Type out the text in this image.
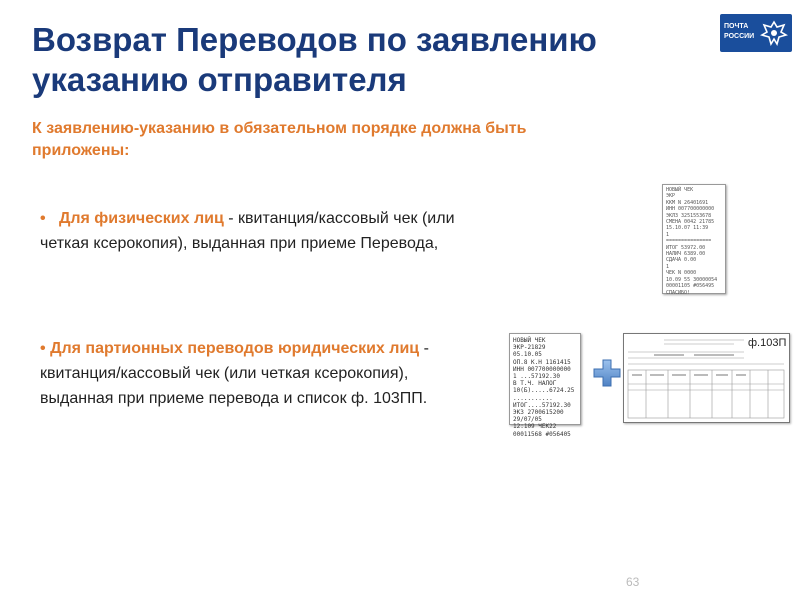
Возврат Переводов по заявлению
указанию отправителя
ПОЧТА
РОССИИ
К заявлению-указанию в обязательном порядке должна быть
приложены:
• Для физических лиц - квитанция/кассовый чек (или четкая ксерокопия), выданная при приеме Перевода,
• Для партионных переводов юридических лиц - квитанция/кассовый чек (или четкая ксерокопия), выданная при приеме перевода и список ф. 103ПП.
НОВЫЙ ЧЕК
ЭКР
ККМ N 26401691
ИНН 007700000000
ЭКЛЗ 3251553678
СМЕНА 0042 21785
15.10.07 11:39
1
===============
ИТОГ 53972.00
НАЛИЧ 6389.00
СДАЧА 0.00
1
ЧЕК N 0000
10.09 55 30000054
00001105 #056495
СПАСИБО!
НОВЫЙ ЧЕК
ЭКР-21829
05.10.05
ОП.8 К.Н 1161415
ИНН 007700000000
1 ...57192.30
В Т.Ч. НАЛОГ
10(Б).....6724.25
...........
ИТОГ....57192.30
ЭКЗ 2700615200
29/07/05
12:109 ЧЕК22
00011568 #056405
ф.103П
63
